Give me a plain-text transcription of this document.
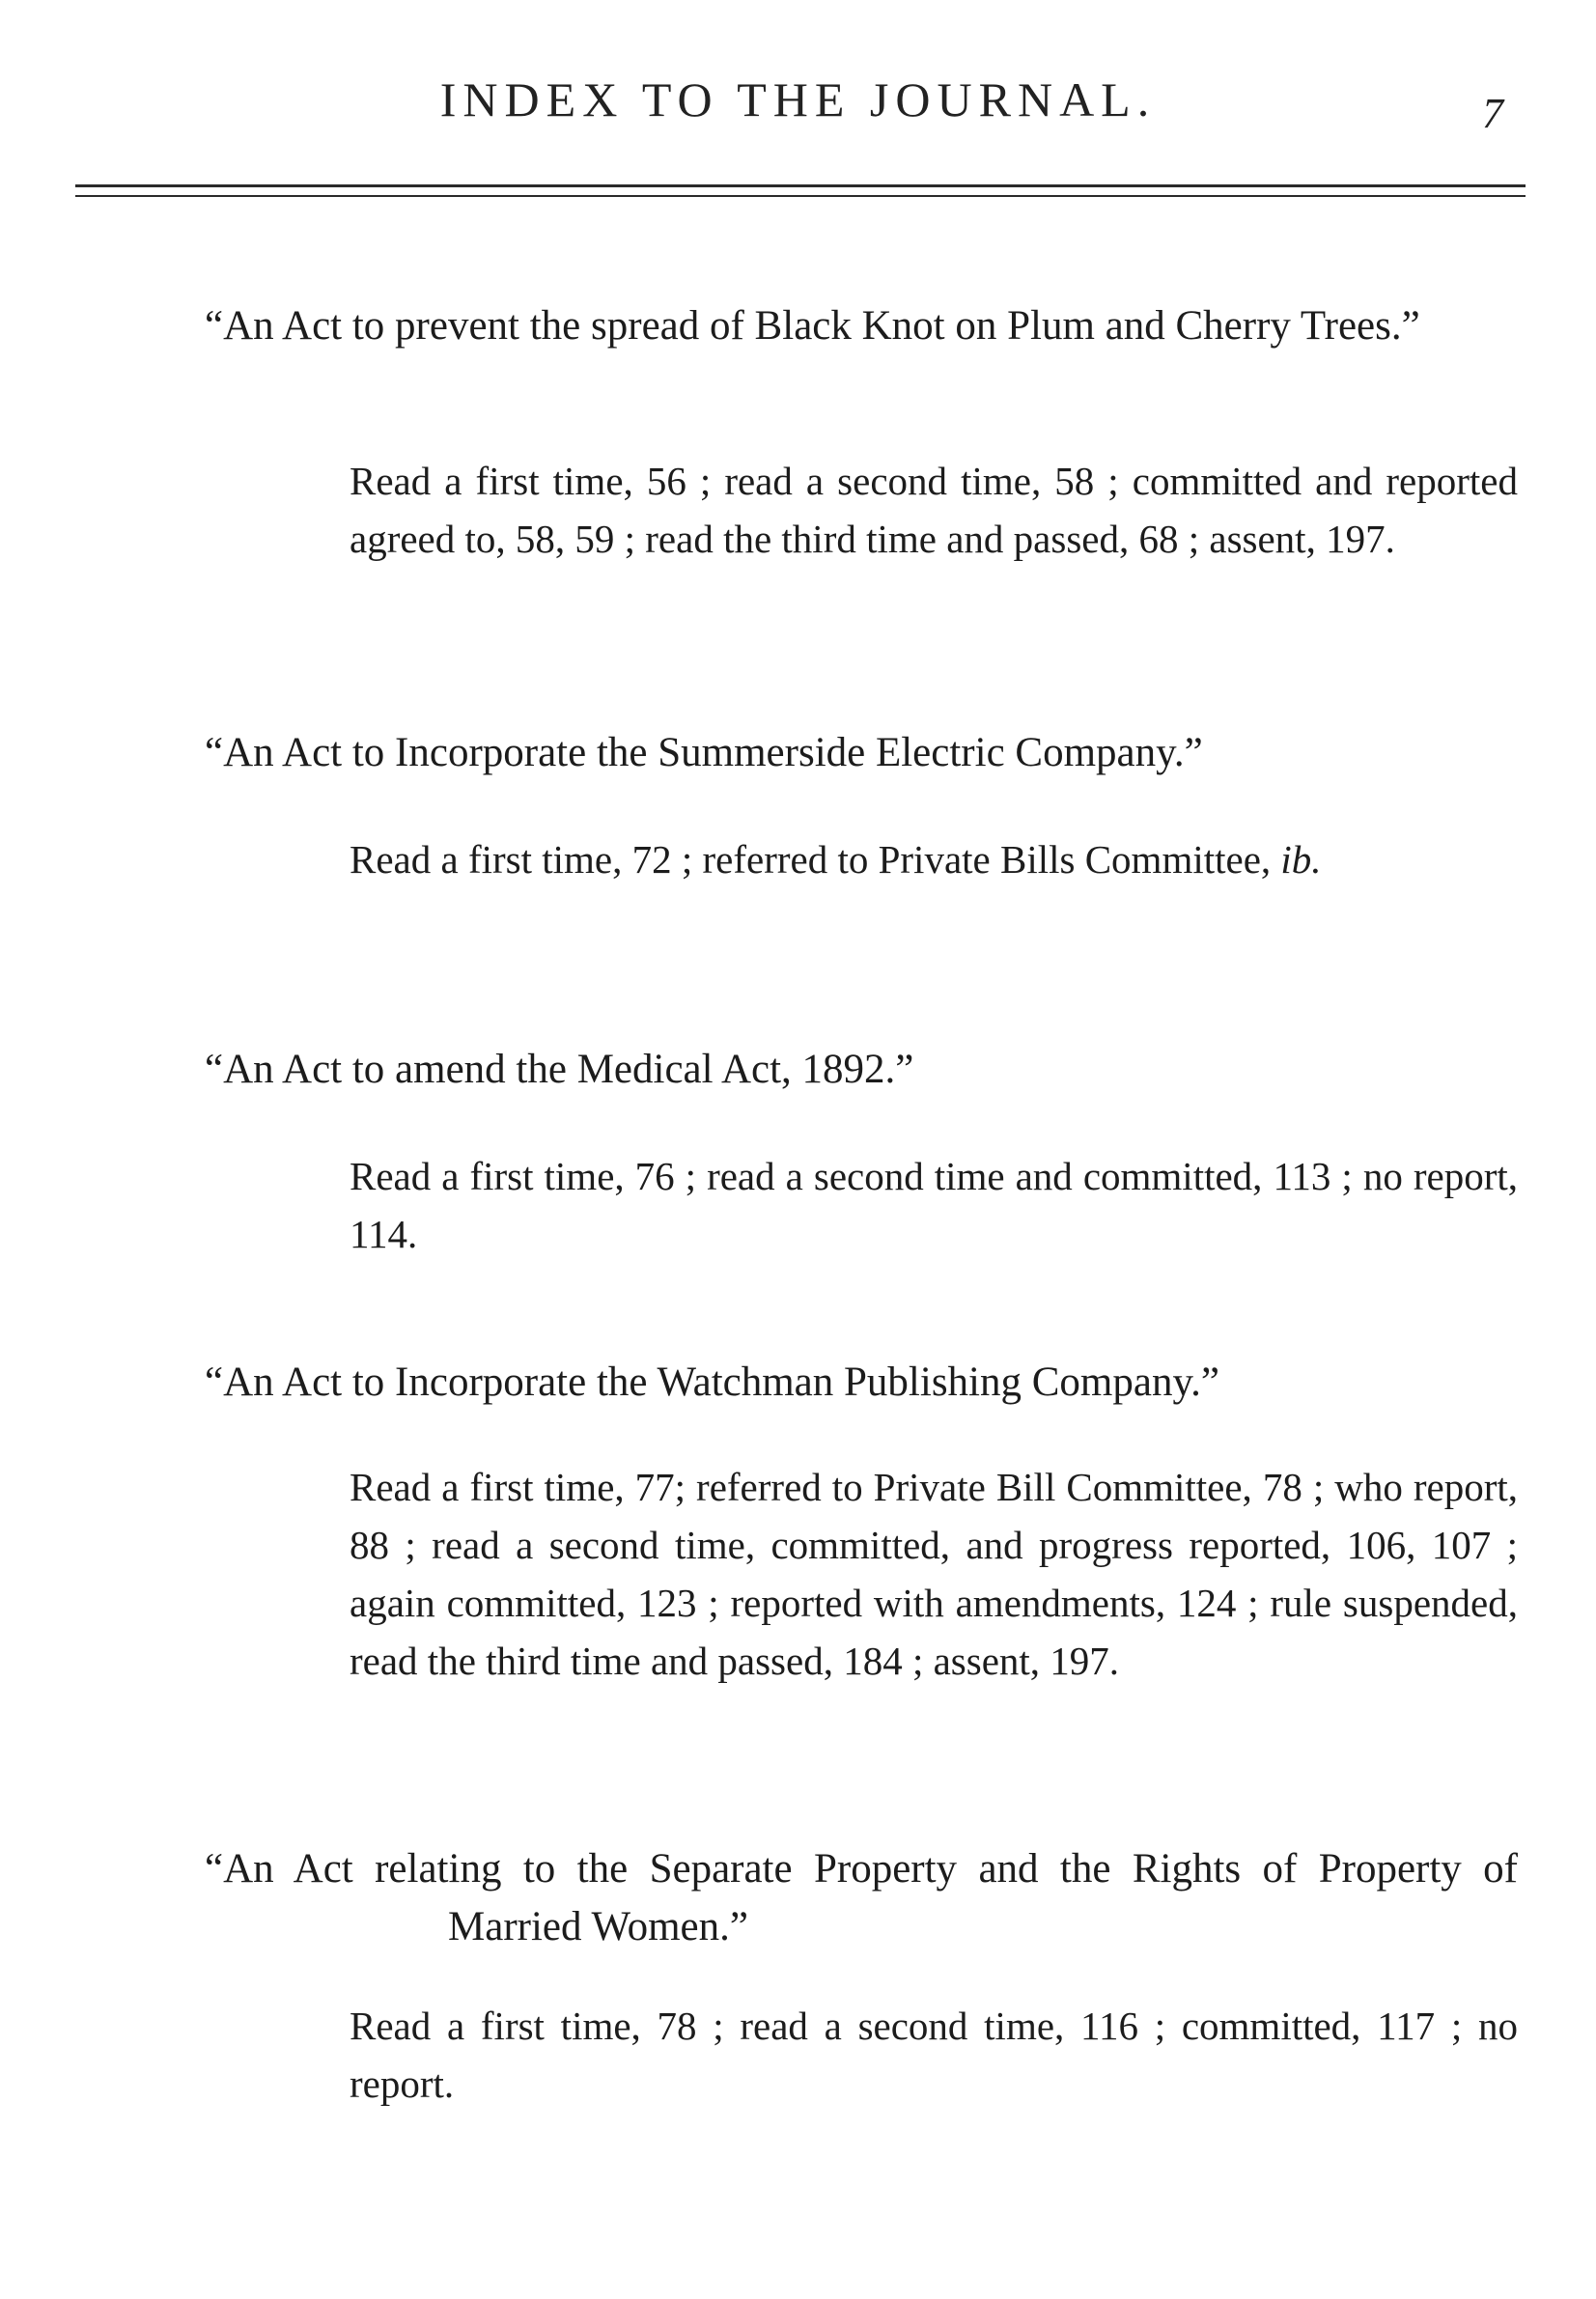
INDEX TO THE JOURNAL.	7

“An Act to prevent the spread of Black Knot on Plum and Cherry Trees.”

Read a first time, 56 ; read a second time, 58 ; committed and reported agreed to, 58, 59 ; read the third time and passed, 68 ; assent, 197.

“An Act to Incorporate the Summerside Electric Company.”

Read a first time, 72 ; referred to Private Bills Committee, ib.

“An Act to amend the Medical Act, 1892.”

Read a first time, 76 ; read a second time and committed, 113 ; no report, 114.

“An Act to Incorporate the Watchman Publishing Company.”

Read a first time, 77; referred to Private Bill Committee, 78 ; who report, 88 ; read a second time, committed, and progress reported, 106, 107 ; again committed, 123 ; reported with amendments, 124 ; rule suspended, read the third time and passed, 184 ; assent, 197.

“An Act relating to the Separate Property and the Rights of Property of Married Women.”

Read a first time, 78 ; read a second time, 116 ; committed, 117 ; no report.
